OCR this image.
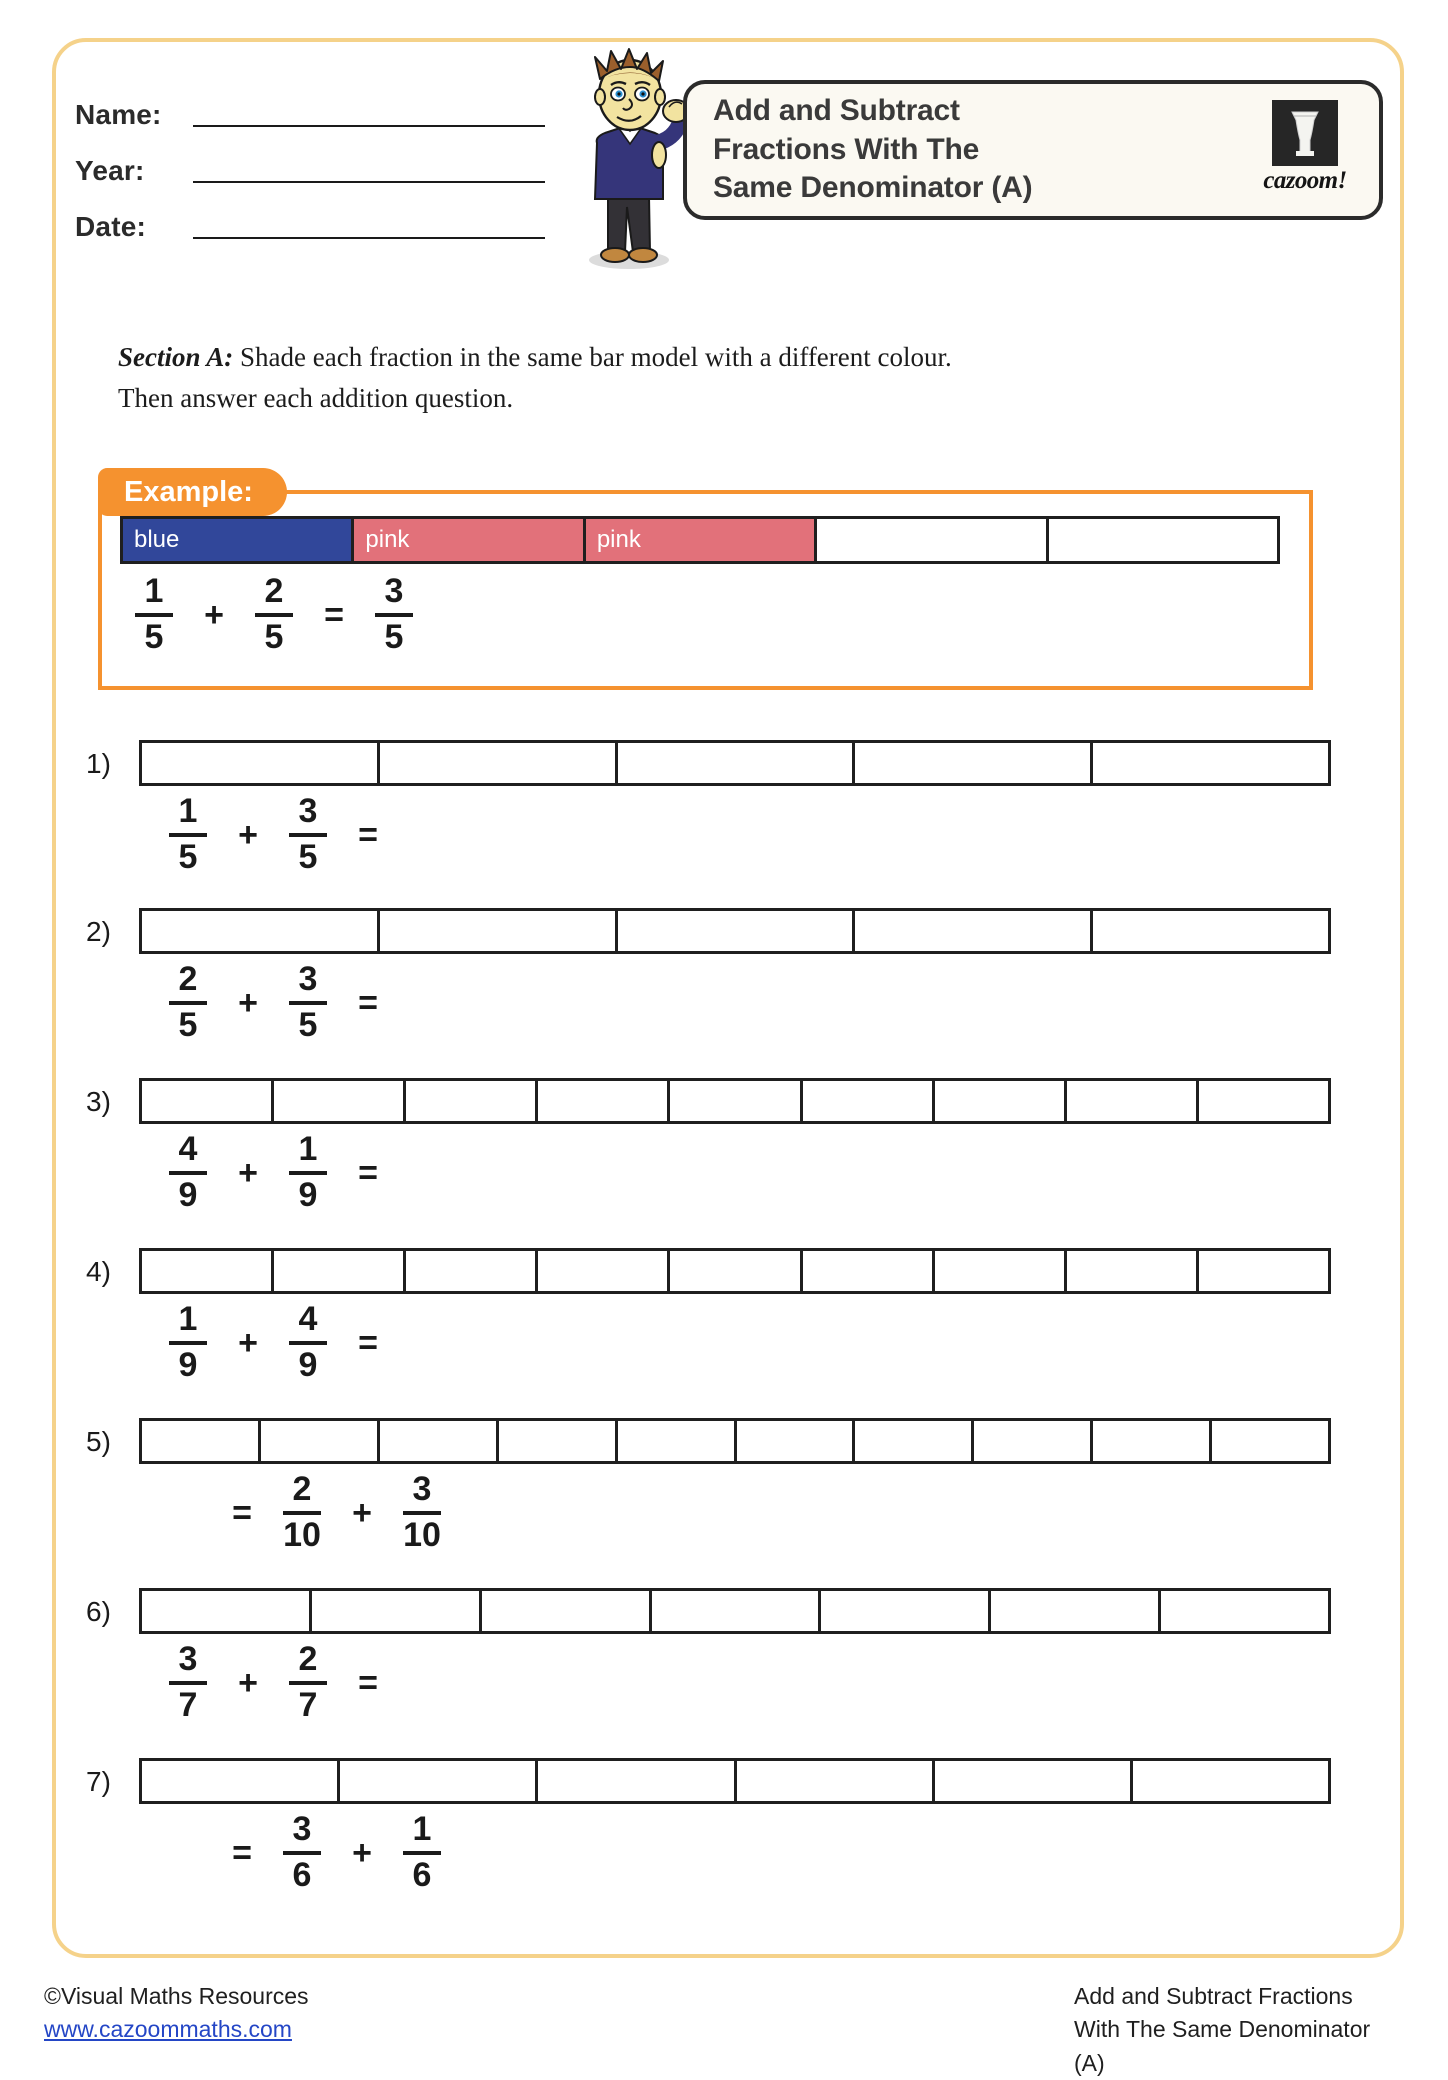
Name:
Year:
Date:
Add and Subtract
Fractions With The
Same Denominator (A)	cazoom!
Section A: Shade each fraction in the same bar model with a different colour.
Then answer each addition question.
Example:
blue	pink	pink
$\frac{1}{5} + \frac{2}{5} = \frac{3}{5}$
1)
$\frac{1}{5} + \frac{3}{5}$ =
2)
$\frac{2}{5} + \frac{3}{5}$ =
3)
$\frac{4}{9} + \frac{1}{9}$ =
4)
$\frac{1}{9} + \frac{4}{9}$ =
5)
= $\frac{2}{10} + \frac{3}{10}$
6)
$\frac{3}{7} + \frac{2}{7}$ =
7)
= $\frac{3}{6} + \frac{1}{6}$
©Visual Maths Resources
www.cazoommaths.com
Add and Subtract Fractions
With The Same Denominator (A)
